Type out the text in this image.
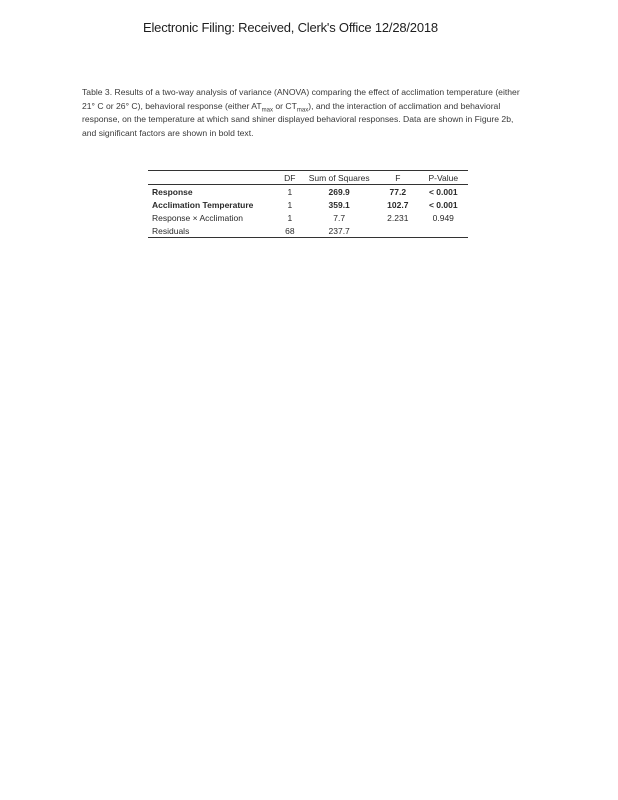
Electronic Filing: Received, Clerk's Office 12/28/2018
Table 3. Results of a two-way analysis of variance (ANOVA) comparing the effect of acclimation temperature (either 21° C or 26° C), behavioral response (either $AT_{max}$ or $CT_{max}$), and the interaction of acclimation and behavioral response, on the temperature at which sand shiner displayed behavioral responses. Data are shown in Figure 2b, and significant factors are shown in bold text.
	DF	Sum of Squares	F	P-Value
Response	1	269.9	77.2	< 0.001
Acclimation Temperature	1	359.1	102.7	< 0.001
Response × Acclimation	1	7.7	2.231	0.949
Residuals	68	237.7		
